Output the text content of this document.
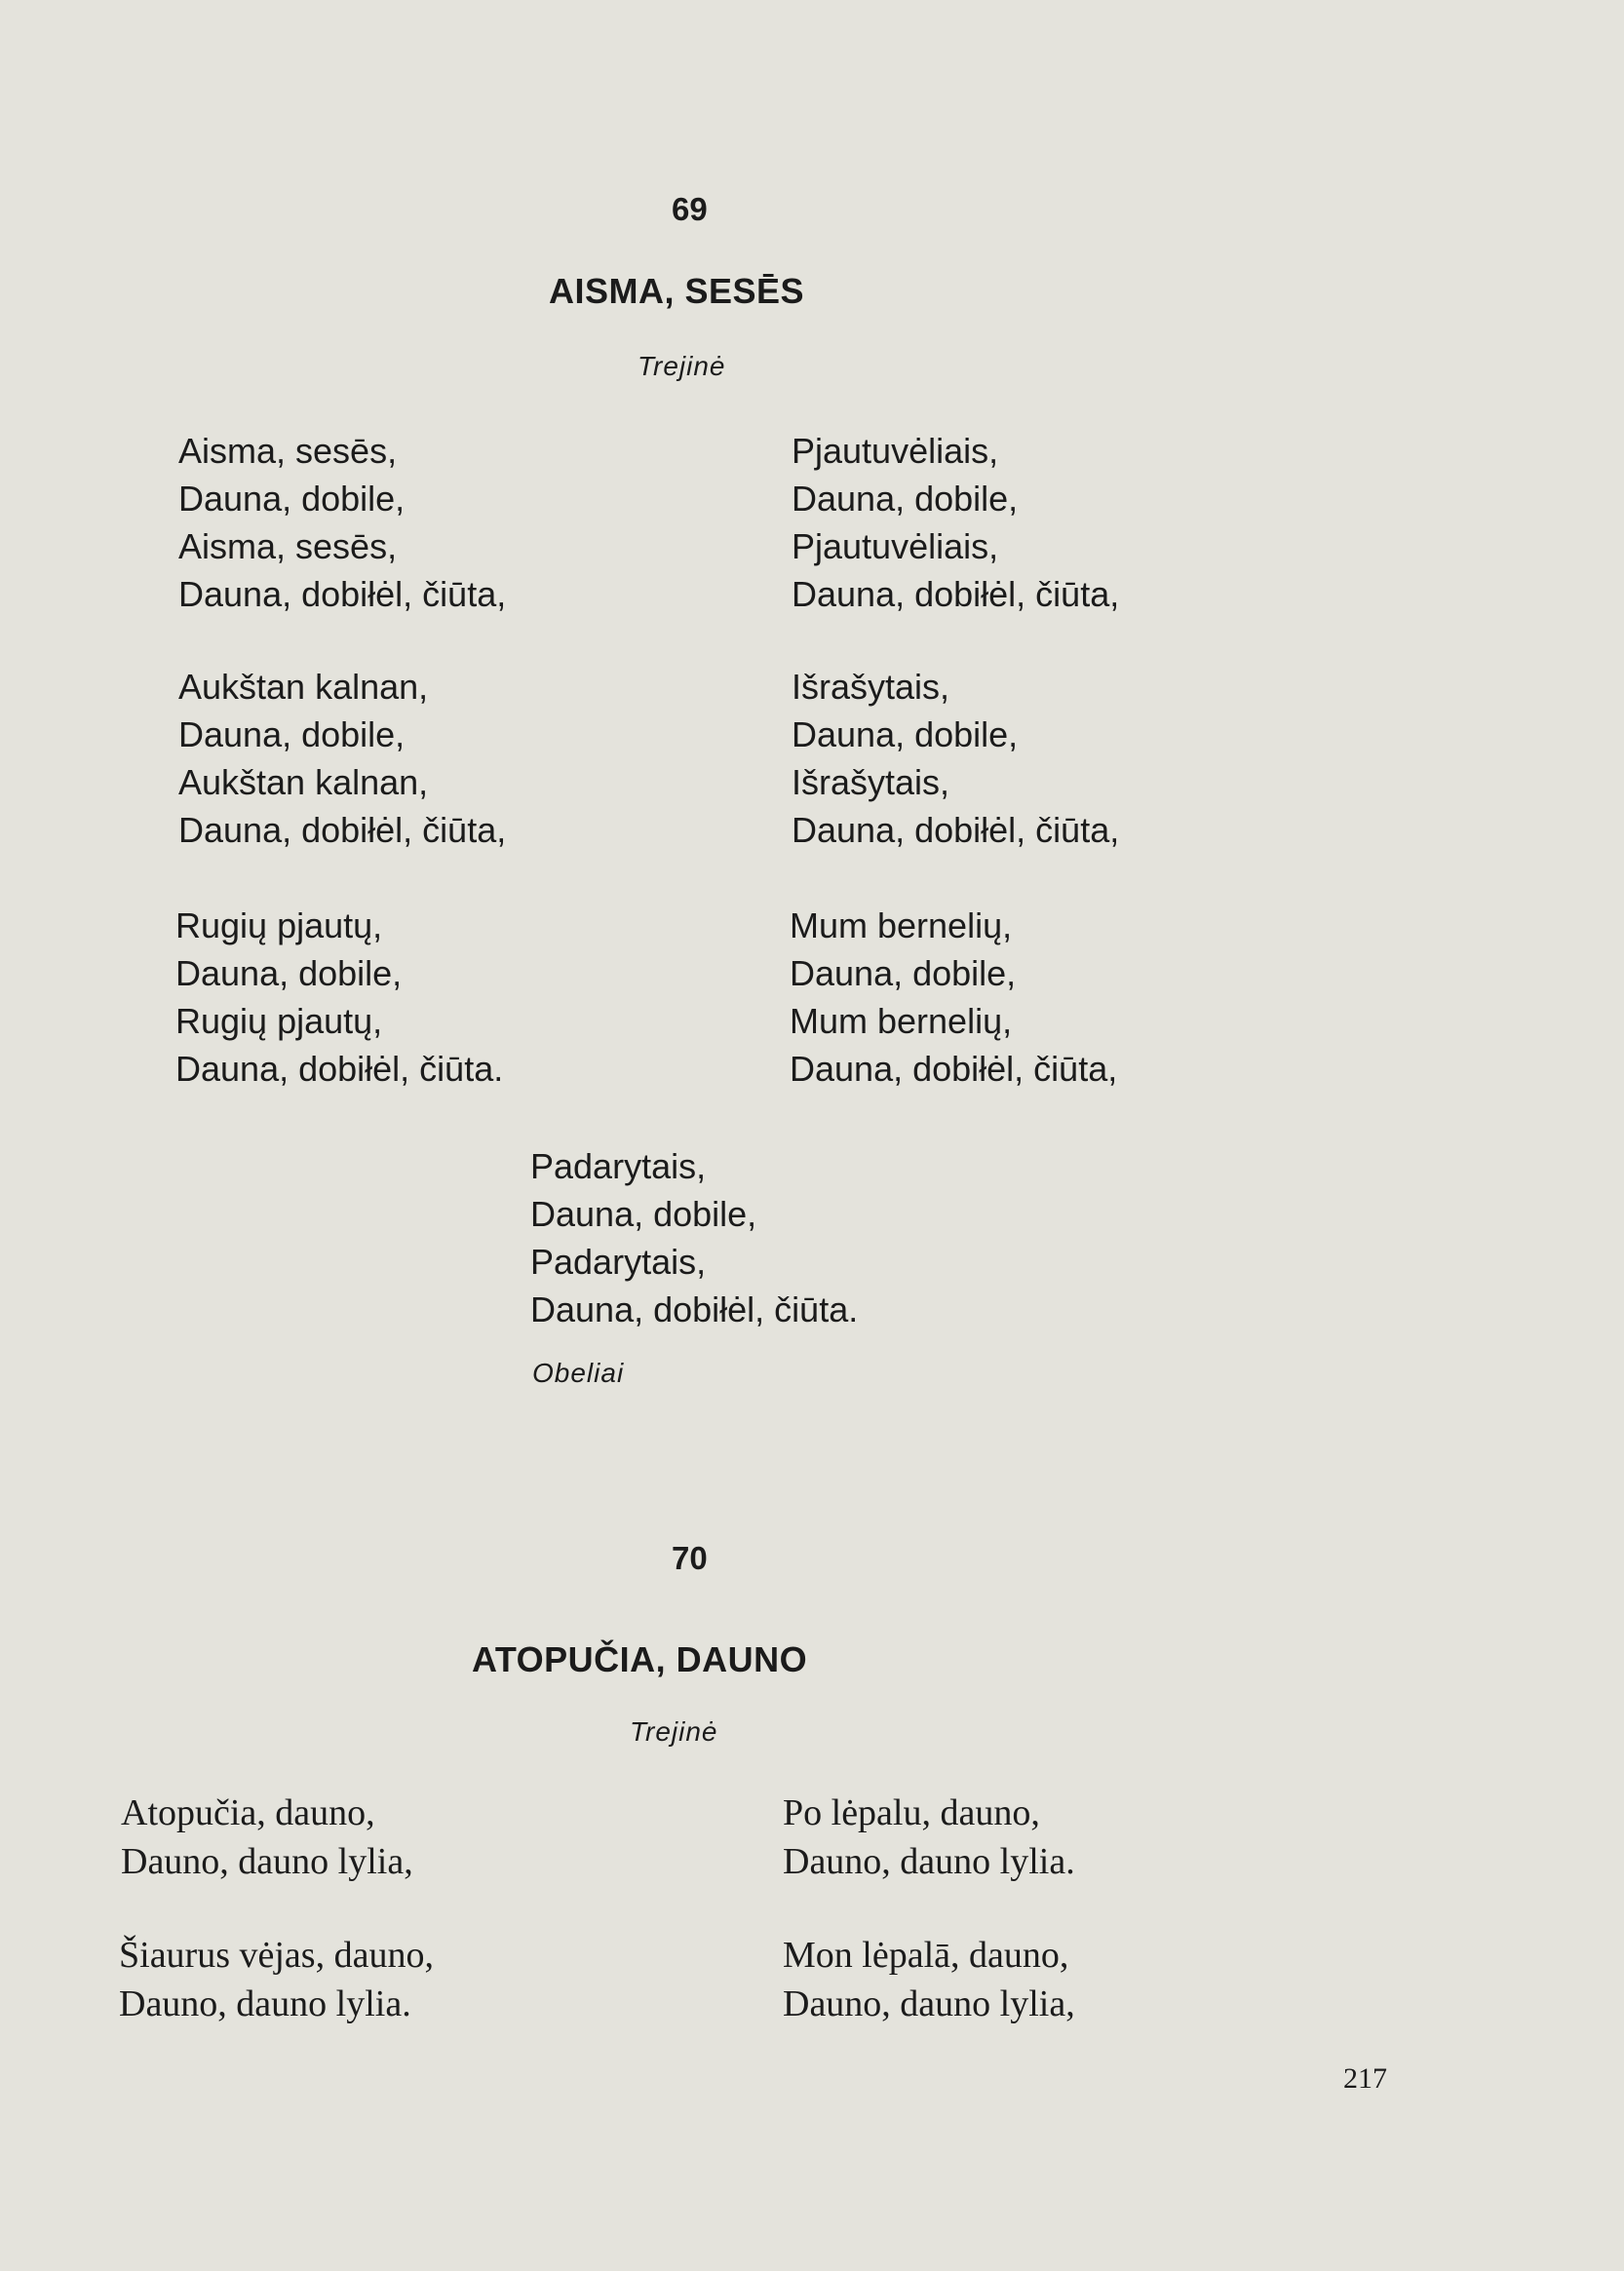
69
AISMA, SESĒS
Trejinė
Aisma, sesēs,
Dauna, dobile,
Aisma, sesēs,
Dauna, dobiłėl, čiūta,
Aukštan kalnan,
Dauna, dobile,
Aukštan kalnan,
Dauna, dobiłėl, čiūta,
Rugių pjautų,
Dauna, dobile,
Rugių pjautų,
Dauna, dobiłėl, čiūta.
Pjautuvėliais,
Dauna, dobile,
Pjautuvėliais,
Dauna, dobiłėl, čiūta,
Išrašytais,
Dauna, dobile,
Išrašytais,
Dauna, dobiłėl, čiūta,
Mum bernelių,
Dauna, dobile,
Mum bernelių,
Dauna, dobiłėl, čiūta,
Padarytais,
Dauna, dobile,
Padarytais,
Dauna, dobiłėl, čiūta.
Obeliai
70
ATOPUČIA, DAUNO
Trejinė
Atopučia, dauno,
Dauno, dauno lylia,
Šiaurus vėjas, dauno,
Dauno, dauno lylia.
Po lėpalu, dauno,
Dauno, dauno lylia.
Mon lėpalā, dauno,
Dauno, dauno lylia,
217
